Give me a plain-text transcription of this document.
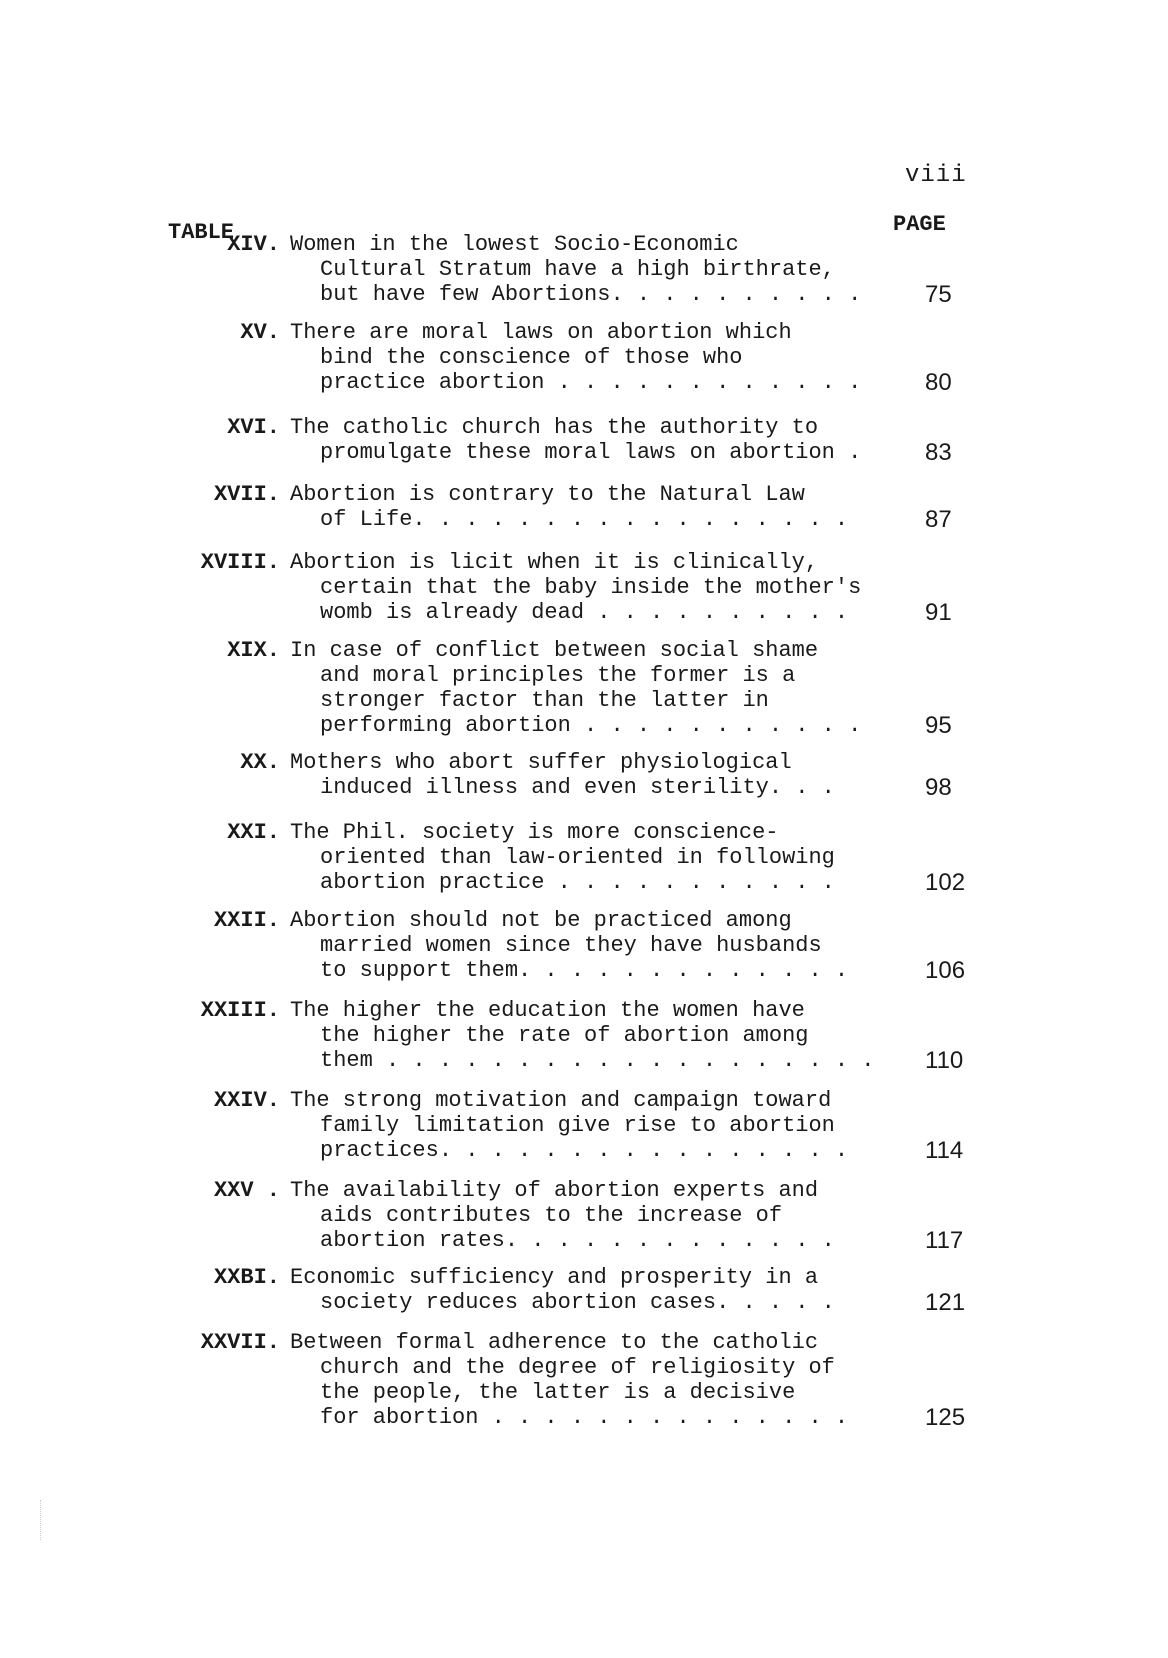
viii
TABLE	PAGE
XIV. Women in the lowest Socio-Economic
Cultural Stratum have a high birthrate,
but have few Abortions. . . . . . . . . .	75
XV. There are moral laws on abortion which
bind the conscience of those who
practice abortion . . . . . . . . . . . .	80
XVI. The catholic church has the authority to
promulgate these moral laws on abortion .	83
XVII. Abortion is contrary to the Natural Law
of Life. . . . . . . . . . . . . . . . .	87
XVIII. Abortion is licit when it is clinically,
certain that the baby inside the mother's
womb is already dead . . . . . . . . . .	91
XIX. In case of conflict between social shame
and moral principles the former is a
stronger factor than the latter in
performing abortion . . . . . . . . . . .	95
XX. Mothers who abort suffer physiological
induced illness and even sterility. . .	98
XXI. The Phil. society is more conscience-
oriented than law-oriented in following
abortion practice . . . . . . . . . . .	102
XXII. Abortion should not be practiced among
married women since they have husbands
to support them. . . . . . . . . . . . .	106
XXIII. The higher the education the women have
the higher the rate of abortion among
them . . . . . . . . . . . . . . . . . . .	110
XXIV. The strong motivation and campaign toward
family limitation give rise to abortion
practices. . . . . . . . . . . . . . . .	114
XXV . The availability of abortion experts and
aids contributes to the increase of
abortion rates. . . . . . . . . . . . .	117
XXBI. Economic sufficiency and prosperity in a
society reduces abortion cases. . . . .	121
XXVII. Between formal adherence to the catholic
church and the degree of religiosity of
the people, the latter is a decisive
for abortion . . . . . . . . . . . . . .	125
